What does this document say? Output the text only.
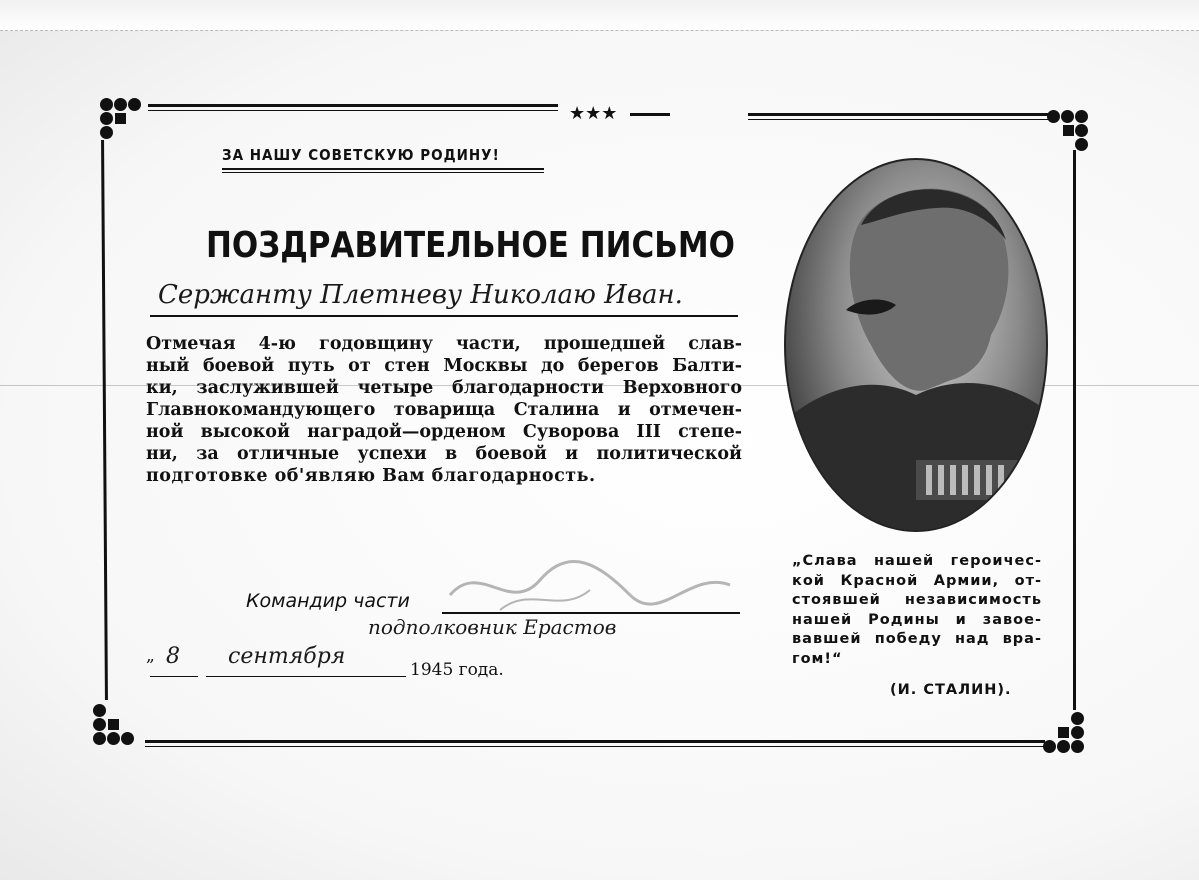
★★★
ЗА НАШУ СОВЕТСКУЮ РОДИНУ!
ПОЗДРАВИТЕЛЬНОЕ ПИСЬМО
Сержанту Плетневу Николаю Иван.
Отмечая 4-ю годовщину части, прошедшей слав-
ный боевой путь от стен Москвы до берегов Балти-
ки, заслужившей четыре благодарности Верховного
Главнокомандующего товарища Сталина и отмечен-
ной высокой наградой—орденом Суворова III степе-
ни, за отличные успехи в боевой и политической
подготовке об'являю Вам благодарность.
Командир части
подполковник Ерастов
„ 8 сентября
1945 года.
„Слава нашей героичес-
кой Красной Армии, от-
стоявшей независимость
нашей Родины и завое-
вавшей победу над вра-
гом!“
(И. СТАЛИН).
